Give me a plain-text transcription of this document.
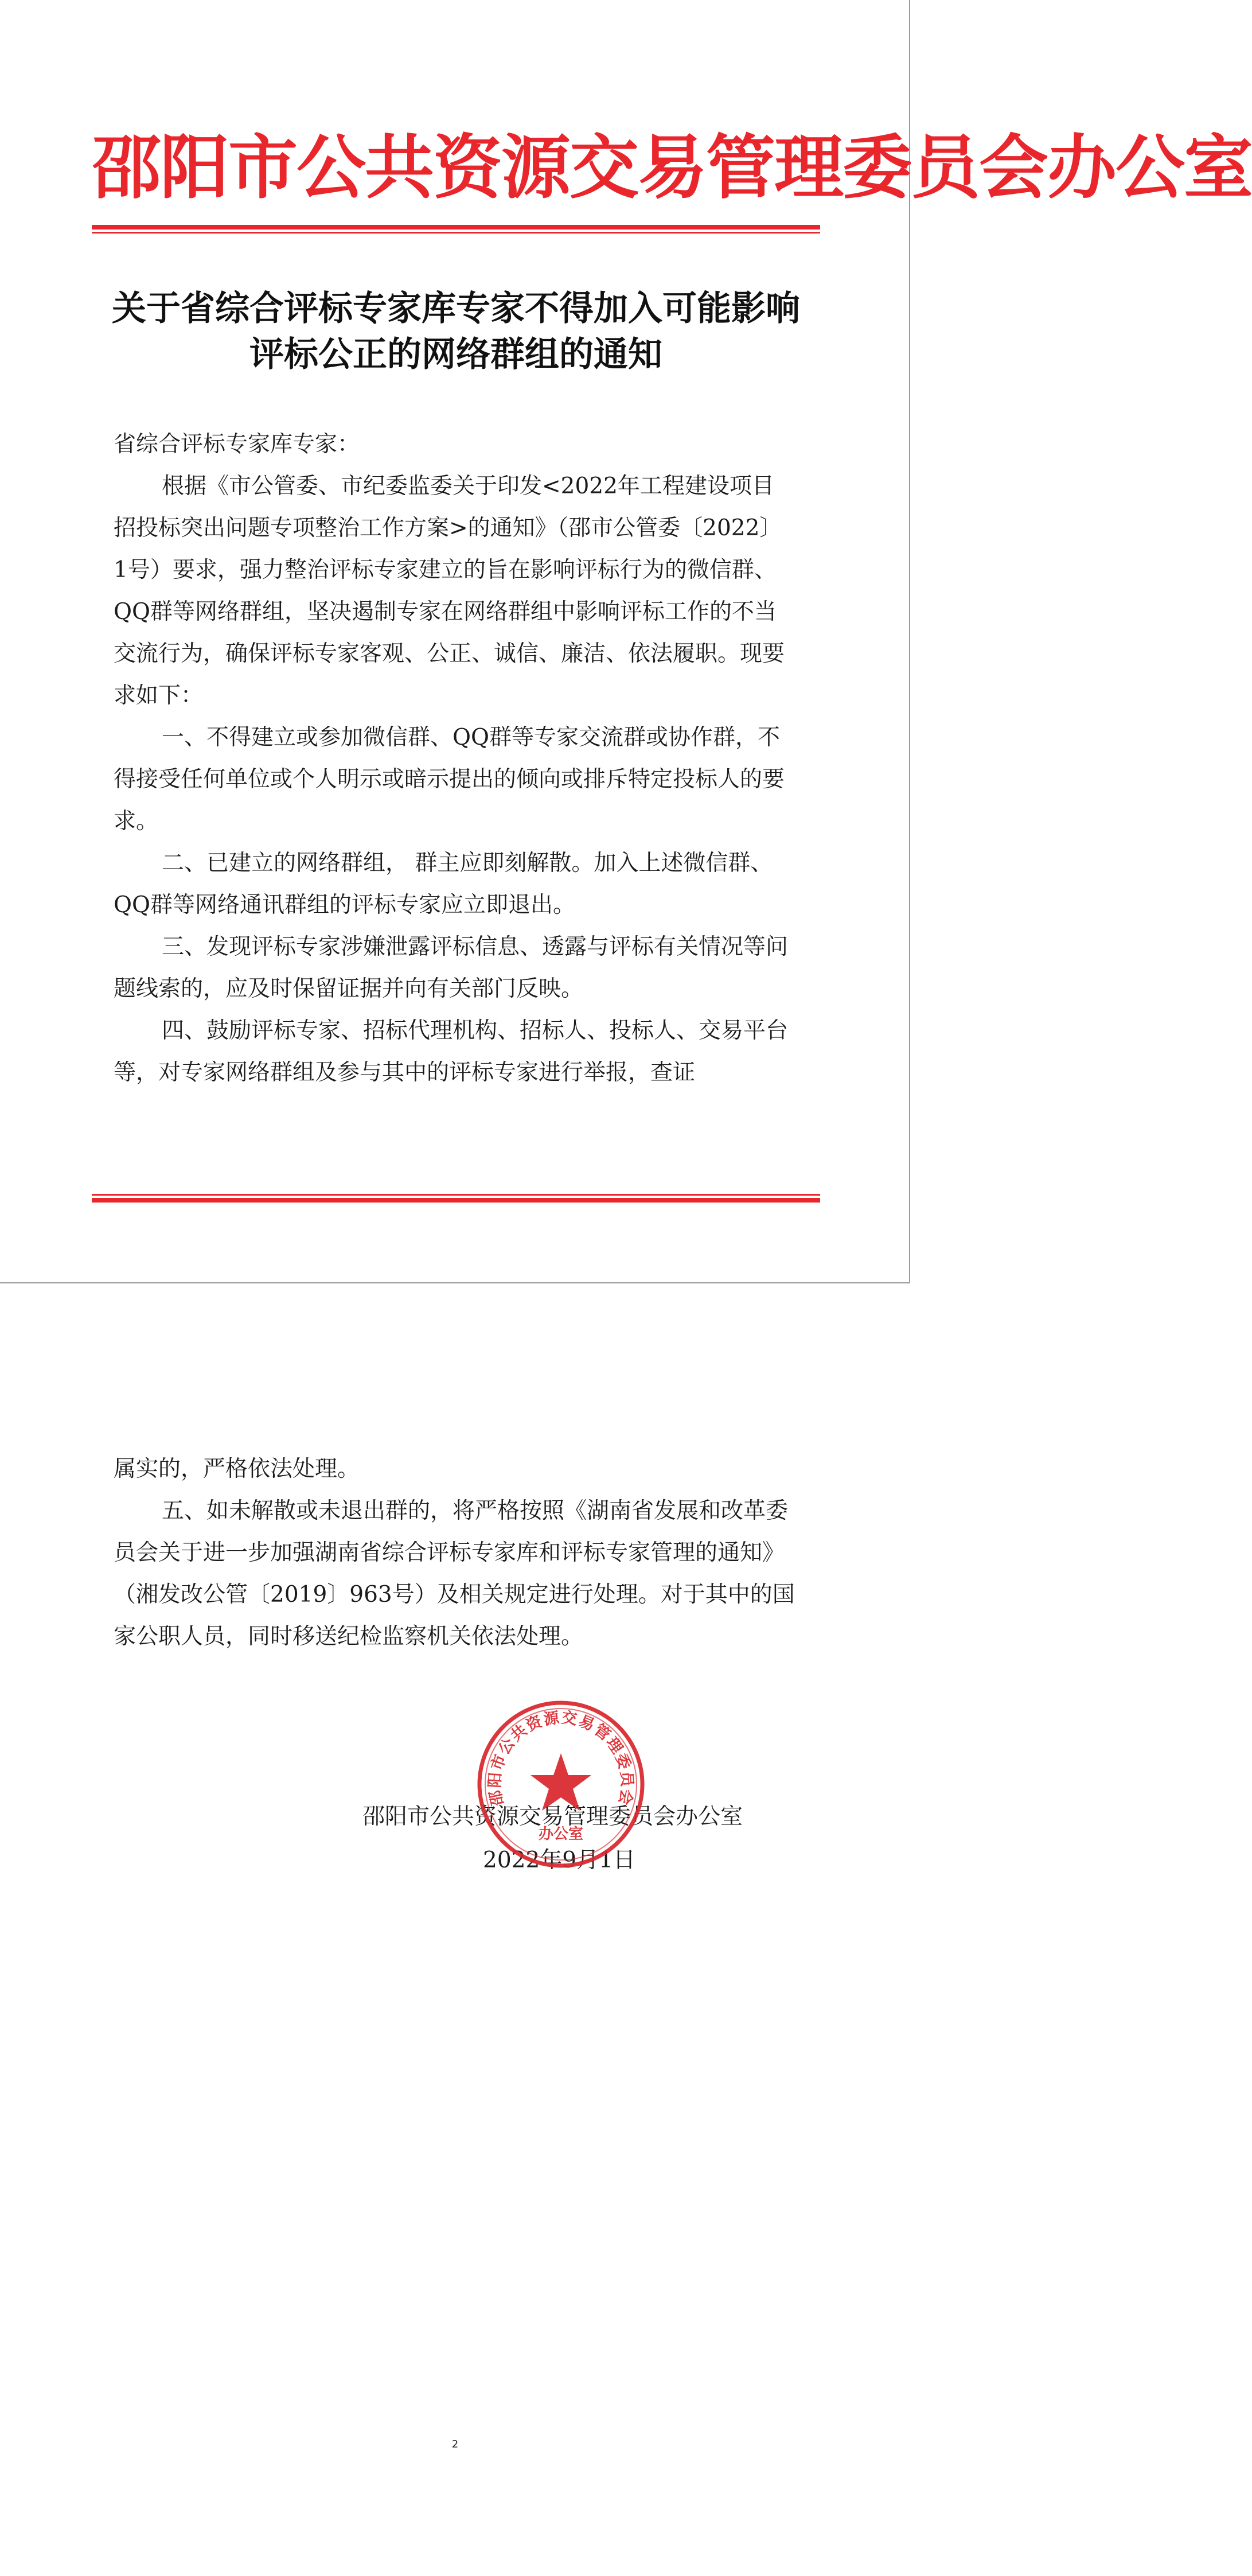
邵阳市公共资源交易管理委员会办公室
关于省综合评标专家库专家不得加入可能影响
评标公正的网络群组的通知
省综合评标专家库专家：
根据《市公管委、市纪委监委关于印发<2022年工程建设项目招投标突出问题专项整治工作方案>的通知》（邵市公管委〔2022〕1号）要求，强力整治评标专家建立的旨在影响评标行为的微信群、QQ群等网络群组，坚决遏制专家在网络群组中影响评标工作的不当交流行为，确保评标专家客观、公正、诚信、廉洁、依法履职。现要求如下：
一、不得建立或参加微信群、QQ群等专家交流群或协作群，不得接受任何单位或个人明示或暗示提出的倾向或排斥特定投标人的要求。
二、已建立的网络群组， 群主应即刻解散。加入上述微信群、QQ群等网络通讯群组的评标专家应立即退出。
三、发现评标专家涉嫌泄露评标信息、透露与评标有关情况等问题线索的，应及时保留证据并向有关部门反映。
四、鼓励评标专家、招标代理机构、招标人、投标人、交易平台等，对专家网络群组及参与其中的评标专家进行举报，查证
属实的，严格依法处理。
五、如未解散或未退出群的，将严格按照《湖南省发展和改革委员会关于进一步加强湖南省综合评标专家库和评标专家管理的通知》（湘发改公管〔2019〕963号）及相关规定进行处理。对于其中的国家公职人员，同时移送纪检监察机关依法处理。
邵阳市公共资源交易管理委员会办公室
2022年9月1日
邵阳市公共资源交易管理委员会
办公室
2
